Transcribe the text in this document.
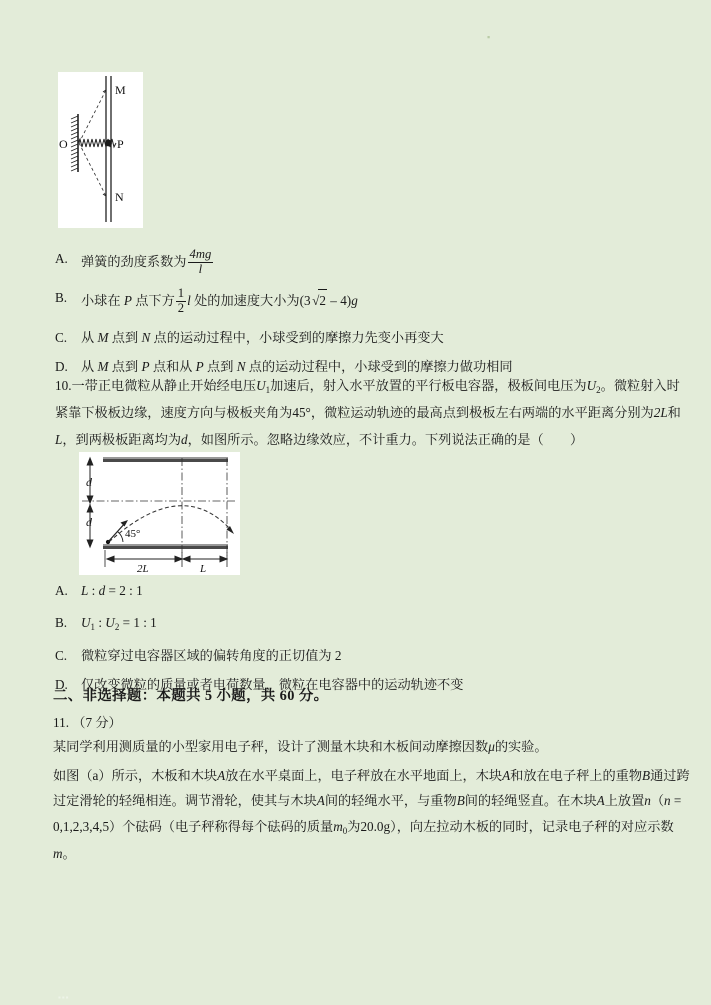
▪
M
N
O	P
A. 弹簧的劲度系数为 $\frac{4mg}{l}$
B.	小球在 P 点下方 $\frac{1}{2}$ l 处的加速度大小为(3 √2 – 4)g
C.	从 M 点到 N 点的运动过程中，小球受到的摩擦力先变小再变大
D. 从 M 点到 P 点和从 P 点到 N 点的运动过程中，小球受到的摩擦力做功相同
10.一带正电微粒从静止开始经电压$U_1$加速后，射入水平放置的平行板电容器，极板间电压为$U_2$。微粒射入时紧靠下极板边缘，速度方向与极板夹角为45°，微粒运动轨迹的最高点到极板左右两端的水平距离分别为2L和L，到两极板距离均为d，如图所示。忽略边缘效应，不计重力。下列说法正确的是（　　）
45°
2L	L
d
d
A. L : d = 2 : 1
B.	$U_1$ : $U_2 = 1$ : 1
C.	微粒穿过电容器区域的偏转角度的正切值为 2
D. 仅改变微粒的质量或者电荷数量，微粒在电容器中的运动轨迹不变
二、非选择题：本题共 5 小题，共 60 分。
11. （7 分）
某同学利用测质量的小型家用电子秤，设计了测量木块和木板间动摩擦因数μ的实验。
如图（a）所示，木板和木块A放在水平桌面上，电子秤放在水平地面上，木块A和放在电子秤上的重物B通过跨过定滑轮的轻绳相连。调节滑轮，使其与木块A间的轻绳水平，与重物B间的轻绳竖直。在木块A上放置n（n = 0,1,2,3,4,5）个砝码（电子秤称得每个砝码的质量$m_0$为20.0g），向左拉动木板的同时，记录电子秤的对应示数m。
▪▪▪
